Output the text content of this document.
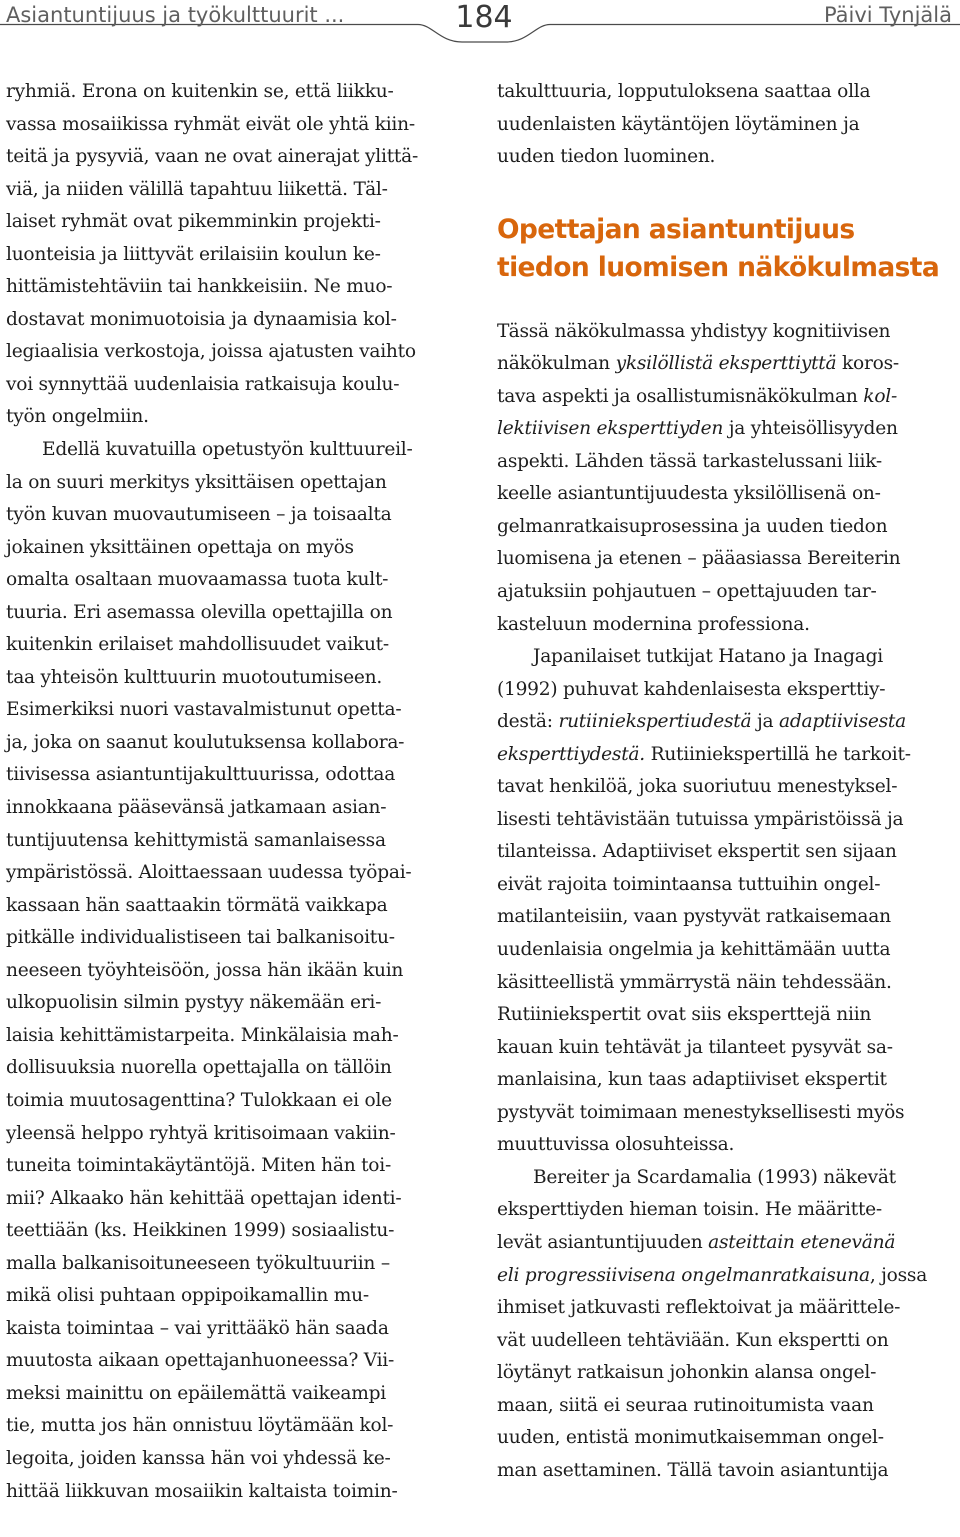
Asiantuntijuus ja työkulttuurit ...	184	Päivi Tynjälä
ryhmiä. Erona on kuitenkin se, että liikku-
vassa mosaiikissa ryhmät eivät ole yhtä kiin-
teitä ja pysyviä, vaan ne ovat ainerajat ylittä-
viä, ja niiden välillä tapahtuu liikettä. Täl-
laiset ryhmät ovat pikemminkin projekti-
luonteisia ja liittyvät erilaisiin koulun ke-
hittämistehtäviin tai hankkeisiin. Ne muo-
dostavat monimuotoisia ja dynaamisia kol-
legiaalisia verkostoja, joissa ajatusten vaihto
voi synnyttää uudenlaisia ratkaisuja koulu-
työn ongelmiin.
Edellä kuvatuilla opetustyön kulttuureil-
la on suuri merkitys yksittäisen opettajan
työn kuvan muovautumiseen – ja toisaalta
jokainen yksittäinen opettaja on myös
omalta osaltaan muovaamassa tuota kult-
tuuria. Eri asemassa olevilla opettajilla on
kuitenkin erilaiset mahdollisuudet vaikut-
taa yhteisön kulttuurin muotoutumiseen.
Esimerkiksi nuori vastavalmistunut opetta-
ja, joka on saanut koulutuksensa kollabora-
tiivisessa asiantuntijakulttuurissa, odottaa
innokkaana pääsevänsä jatkamaan asian-
tuntijuutensa kehittymistä samanlaisessa
ympäristössä. Aloittaessaan uudessa työpai-
kassaan hän saattaakin törmätä vaikkapa
pitkälle individualistiseen tai balkanisoitu-
neeseen työyhteisöön, jossa hän ikään kuin
ulkopuolisin silmin pystyy näkemään eri-
laisia kehittämistarpeita. Minkälaisia mah-
dollisuuksia nuorella opettajalla on tällöin
toimia muutosagenttina? Tulokkaan ei ole
yleensä helppo ryhtyä kritisoimaan vakiin-
tuneita toimintakäytäntöjä. Miten hän toi-
mii? Alkaako hän kehittää opettajan identi-
teettiään (ks. Heikkinen 1999) sosiaalistu-
malla balkanisoituneeseen työkultuuriin –
mikä olisi puhtaan oppipoikamallin mu-
kaista toimintaa – vai yrittääkö hän saada
muutosta aikaan opettajanhuoneessa? Vii-
meksi mainittu on epäilemättä vaikeampi
tie, mutta jos hän onnistuu löytämään kol-
legoita, joiden kanssa hän voi yhdessä ke-
hittää liikkuvan mosaiikin kaltaista toimin-
takulttuuria, lopputuloksena saattaa olla
uudenlaisten käytäntöjen löytäminen ja
uuden tiedon luominen.
Opettajan asiantuntijuus
tiedon luomisen näkökulmasta
Tässä näkökulmassa yhdistyy kognitiivisen
näkökulman yksilöllistä eksperttiyttä koros-
tava aspekti ja osallistumisnäkökulman kol-
lektiivisen eksperttiyden ja yhteisöllisyyden
aspekti. Lähden tässä tarkastelussani liik-
keelle asiantuntijuudesta yksilöllisenä on-
gelmanratkaisuprosessina ja uuden tiedon
luomisena ja etenen – pääasiassa Bereiterin
ajatuksiin pohjautuen – opettajuuden tar-
kasteluun modernina professiona.
Japanilaiset tutkijat Hatano ja Inagagi
(1992) puhuvat kahdenlaisesta eksperttiy-
destä: rutiiniekspertiudestä ja adaptiivisesta
eksperttiydestä. Rutiiniekspertillä he tarkoit-
tavat henkilöä, joka suoriutuu menestyksel-
lisesti tehtävistään tutuissa ympäristöissä ja
tilanteissa. Adaptiiviset ekspertit sen sijaan
eivät rajoita toimintaansa tuttuihin ongel-
matilanteisiin, vaan pystyvät ratkaisemaan
uudenlaisia ongelmia ja kehittämään uutta
käsitteellistä ymmärrystä näin tehdessään.
Rutiiniekspertit ovat siis eksperttejä niin
kauan kuin tehtävät ja tilanteet pysyvät sa-
manlaisina, kun taas adaptiiviset ekspertit
pystyvät toimimaan menestyksellisesti myös
muuttuvissa olosuhteissa.
Bereiter ja Scardamalia (1993) näkevät
eksperttiyden hieman toisin. He määritte-
levät asiantuntijuuden asteittain etenevänä
eli progressiivisena ongelmanratkaisuna, jossa
ihmiset jatkuvasti reflektoivat ja määrittele-
vät uudelleen tehtäviään. Kun ekspertti on
löytänyt ratkaisun johonkin alansa ongel-
maan, siitä ei seuraa rutinoitumista vaan
uuden, entistä monimutkaisemman ongel-
man asettaminen. Tällä tavoin asiantuntija
